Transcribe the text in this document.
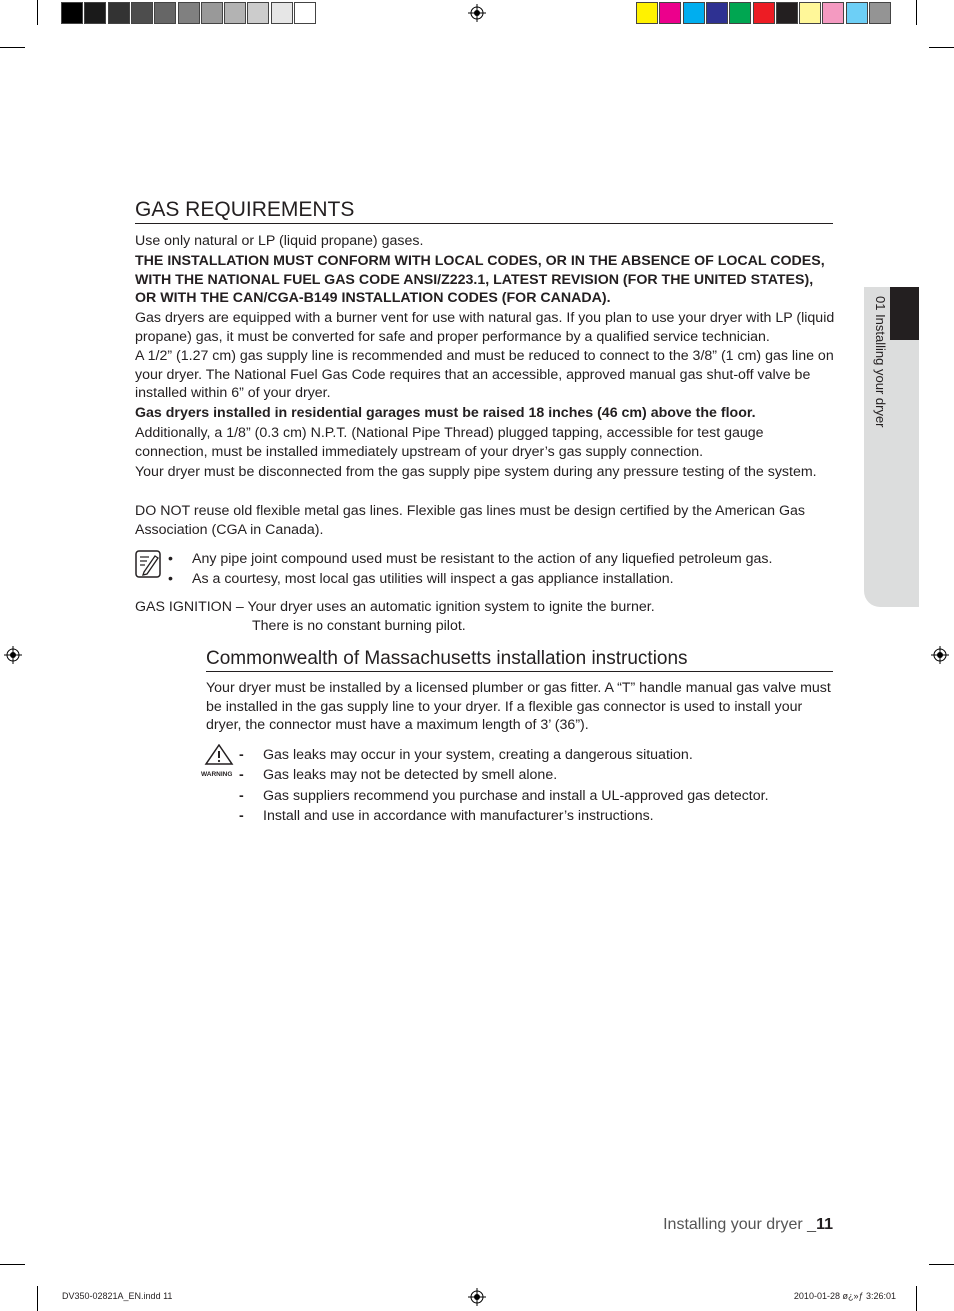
01 Installing your dryer
GAS REQUIREMENTS
Use only natural or LP (liquid propane) gases.
THE INSTALLATION MUST CONFORM WITH LOCAL CODES, OR IN THE ABSENCE OF LOCAL CODES, WITH THE NATIONAL FUEL GAS CODE ANSI/Z223.1, LATEST REVISION (FOR THE UNITED STATES), OR WITH THE CAN/CGA-B149 INSTALLATION CODES (FOR CANADA).
Gas dryers are equipped with a burner vent for use with natural gas. If you plan to use your dryer with LP (liquid propane) gas, it must be converted for safe and proper performance by a qualified service technician.
A 1/2” (1.27 cm) gas supply line is recommended and must be reduced to connect to the 3/8” (1 cm) gas line on your dryer. The National Fuel Gas Code requires that an accessible, approved manual gas shut-off valve be installed within 6” of your dryer.
Gas dryers installed in residential garages must be raised 18 inches (46 cm) above the floor.
Additionally, a 1/8” (0.3 cm) N.P.T. (National Pipe Thread) plugged tapping, accessible for test gauge connection, must be installed immediately upstream of your dryer’s gas supply connection.
Your dryer must be disconnected from the gas supply pipe system during any pressure testing of the system.
DO NOT reuse old flexible metal gas lines. Flexible gas lines must be design certified by the American Gas Association (CGA in Canada).
• Any pipe joint compound used must be resistant to the action of any liquefied petroleum gas.
• As a courtesy, most local gas utilities will inspect a gas appliance installation.
GAS IGNITION – Your dryer uses an automatic ignition system to ignite the burner.
There is no constant burning pilot.
Commonwealth of Massachusetts installation instructions
Your dryer must be installed by a licensed plumber or gas fitter. A “T” handle manual gas valve must be installed in the gas supply line to your dryer. If a flexible gas connector is used to install your dryer, the connector must have a maximum length of 3’ (36”).
WARNING
- Gas leaks may occur in your system, creating a dangerous situation.
- Gas leaks may not be detected by smell alone.
- Gas suppliers recommend you purchase and install a UL-approved gas detector.
- Install and use in accordance with manufacturer’s instructions.
Installing your dryer _11
DV350-02821A_EN.indd 11	2010-01-28 ø¿»ƒ 3:26:01
